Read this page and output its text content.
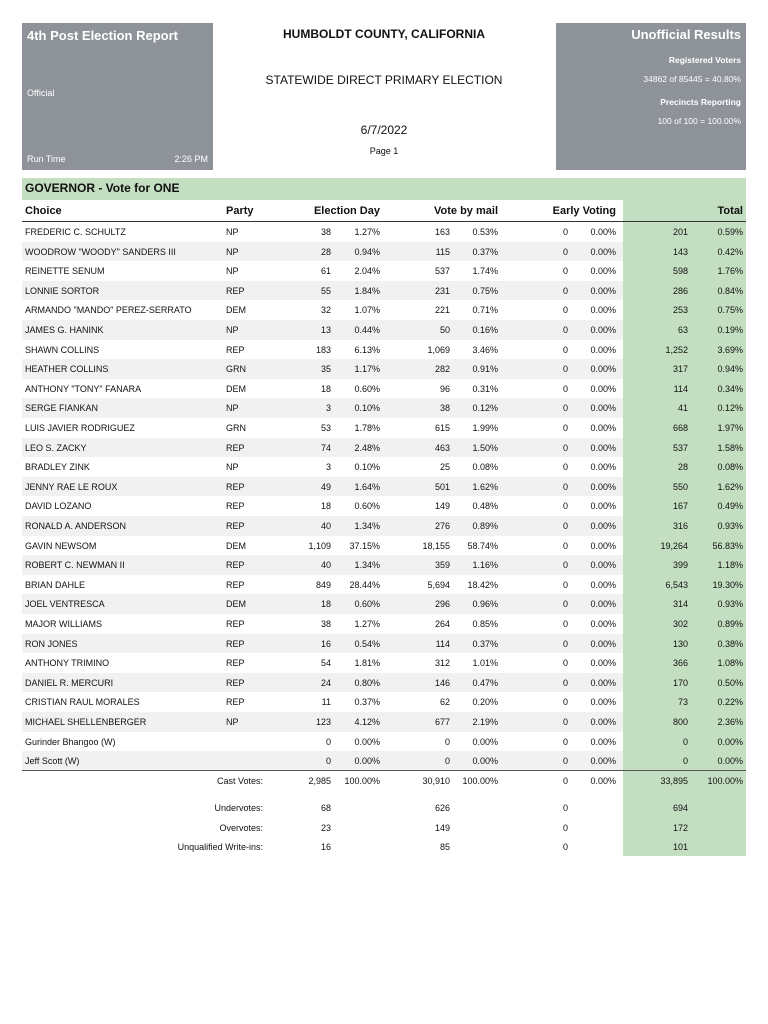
4th Post Election Report
Official
Run Time	2:26 PM
HUMBOLDT COUNTY, CALIFORNIA
STATEWIDE DIRECT PRIMARY ELECTION
6/7/2022
Page 1
Unofficial Results
Registered Voters
34862 of 85445 = 40.80%
Precincts Reporting
100 of 100 = 100.00%
GOVERNOR - Vote for ONE
Choice	Party	Election Day	Vote by mail	Early Voting	Total
FREDERIC C. SCHULTZ	NP	38	1.27%	163 0.53%	0 0.00%	201	0.59%
WOODROW "WOODY" SANDERS III	NP	28	0.94%	115 0.37%	0 0.00%	143	0.42%
REINETTE SENUM	NP	61	2.04%	537 1.74%	0 0.00%	598	1.76%
LONNIE SORTOR	REP	55	1.84%	231 0.75%	0 0.00%	286	0.84%
ARMANDO "MANDO" PEREZ-SERRATO	DEM	32	1.07%	221 0.71%	0 0.00%	253	0.75%
JAMES G. HANINK	NP	13	0.44%	50 0.16%	0 0.00%	63	0.19%
SHAWN COLLINS	REP	183	6.13%	1,069 3.46%	0 0.00%	1,252	3.69%
HEATHER COLLINS	GRN	35	1.17%	282 0.91%	0 0.00%	317	0.94%
ANTHONY "TONY" FANARA	DEM	18	0.60%	96 0.31%	0 0.00%	114	0.34%
SERGE FIANKAN	NP	3	0.10%	38 0.12%	0 0.00%	41	0.12%
LUIS JAVIER RODRIGUEZ	GRN	53	1.78%	615 1.99%	0 0.00%	668	1.97%
LEO S. ZACKY	REP	74	2.48%	463 1.50%	0 0.00%	537	1.58%
BRADLEY ZINK	NP	3	0.10%	25 0.08%	0 0.00%	28	0.08%
JENNY RAE LE ROUX	REP	49	1.64%	501 1.62%	0 0.00%	550	1.62%
DAVID LOZANO	REP	18	0.60%	149 0.48%	0 0.00%	167	0.49%
RONALD A. ANDERSON	REP	40	1.34%	276 0.89%	0 0.00%	316	0.93%
GAVIN NEWSOM	DEM	1,109 37.15%	18,155 58.74%	0 0.00%	19,264	56.83%
ROBERT C. NEWMAN II	REP	40	1.34%	359 1.16%	0 0.00%	399	1.18%
BRIAN DAHLE	REP	849 28.44%	5,694 18.42%	0 0.00%	6,543	19.30%
JOEL VENTRESCA	DEM	18	0.60%	296 0.96%	0 0.00%	314	0.93%
MAJOR WILLIAMS	REP	38	1.27%	264 0.85%	0 0.00%	302	0.89%
RON JONES	REP	16	0.54%	114 0.37%	0 0.00%	130	0.38%
ANTHONY TRIMINO	REP	54	1.81%	312 1.01%	0 0.00%	366	1.08%
DANIEL R. MERCURI	REP	24	0.80%	146 0.47%	0 0.00%	170	0.50%
CRISTIAN RAUL MORALES	REP	11	0.37%	62 0.20%	0 0.00%	73	0.22%
MICHAEL SHELLENBERGER	NP	123	4.12%	677 2.19%	0 0.00%	800	2.36%
Gurinder Bhangoo (W)	0	0.00%	0 0.00%	0 0.00%	0	0.00%
Jeff Scott (W)	0	0.00%	0 0.00%	0 0.00%	0	0.00%
Cast Votes:	2,985 100.00%	30,910 100.00%	0 0.00%	33,895 100.00%
Undervotes:	68	626	0	694
Overvotes:	23	149	0	172
Unqualified Write-ins:	16	85	0	101
